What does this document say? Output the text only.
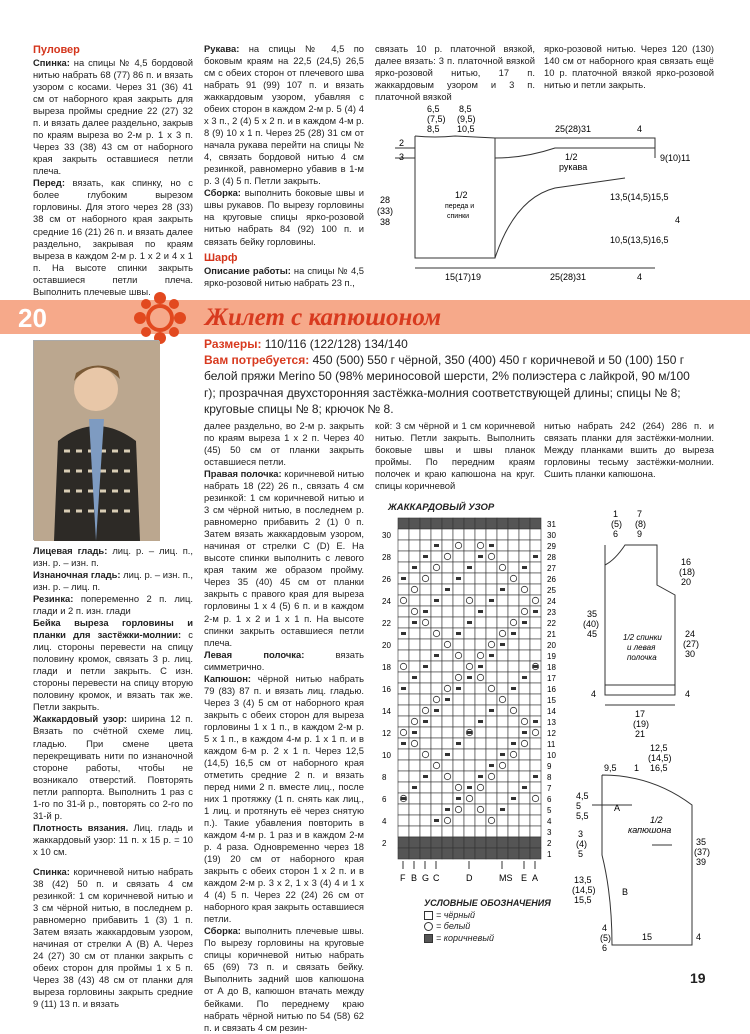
Пуловер

Спинка: на спицы № 4,5 бордовой нитью набрать 68 (77) 86 п. и вязать узором с косами. Через 31 (36) 41 см от наборного края закрыть для выреза проймы средние 22 (27) 32 п. и вязать далее раздельно, закрыв по краям выреза во 2-м р. 1 х 3 п. Через 33 (38) 43 см от наборного края закрыть оставшиеся петли плеча.

Перед: вязать, как спинку, но с более глубоким вырезом горловины. Для этого через 28 (33) 38 см от наборного края закрыть средние 16 (21) 26 п. и вязать далее раздельно, закрывая по краям выреза в каждом 2-м р. 1 х 2 и 4 х 1 п. На высоте спинки закрыть оставшиеся петли плеча. Выполнить плечевые швы.

Рукава: на спицы № 4,5 по боковым краям на 22,5 (24,5) 26,5 см с обеих сторон от плечевого шва набрать 91 (99) 107 п. и вязать жаккардовым узором, убавляя с обеих сторон в каждом 2-м р. 5 (4) 4 х 3 п., 2 (4) 5 х 2 п. и в каждом 4-м р. 8 (9) 10 х 1 п. Через 25 (28) 31 см от начала рукава перейти на спицы № 4, связать бордовой нитью 4 см резинкой, равномерно убавив в 1-м р. 3 (4) 5 п. Петли закрыть.

Сборка: выполнить боковые швы и швы рукавов. По вырезу горловины на круговые спицы ярко-розовой нитью набрать 84 (92) 100 п. и связать бейку горловины.

Шарф

Описание работы: на спицы № 4,5 ярко-розовой нитью набрать 23 п.,

связать 10 р. платочной вязкой, далее вязать: 3 п. платочной вязкой ярко-розовой нитью, 17 п. жаккардовым узором и 3 п. платочной вязкой

ярко-розовой нитью. Через 120 (130) 140 см от наборного края связать ещё 10 р. платочной вязкой ярко-розовой нитью и петли закрыть.

6,5
(7,5)
8,5
8,5
(9,5)
10,5	25(28)31	4
2
3	1/2
рукава
9(10)11
28
(33)
38
1/2
переда и
спинки
13,5(14,5)15,5
10,5(13,5)16,5
4
15(17)19	25(28)31	4
20	Жилет с капюшоном

Размеры: 110/116 (122/128) 134/140

Вам потребуется: 450 (500) 550 г чёрной, 350 (400) 450 г коричневой и 50 (100) 150 г белой пряжи Merino 50 (98% мериносовой шерсти, 2% полиэстера с лайкрой, 90 м/100 г); прозрачная двухсторонняя застёжка-молния соответствующей длины; спицы № 8; круговые спицы № 8; крючок № 8.

Лицевая гладь: лиц. р. – лиц. п., изн. р. – изн. п.

Изнаночная гладь: лиц. р. – изн. п., изн. р. – лиц. п.

Резинка: попеременно 2 п. лиц. глади и 2 п. изн. глади

Бейка выреза горловины и планки для застёжки-молнии: с лиц. стороны перевести на спицу половину кромок, связать 3 р. лиц. глади и петли закрыть. С изн. стороны перевести на спицу вторую половину кромок, и вязать так же. Петли закрыть.

Жаккардовый узор: ширина 12 п. Вязать по счётной схеме лиц. гладью. При смене цвета перекрещивать нити по изнаночной стороне работы, чтобы не возникало отверстий. Повторять петли раппорта. Выполнить 1 раз с 1-го по 31-й р., повторять со 2-го по 31-й р.

Плотность вязания. Лиц. гладь и жаккардовый узор: 11 п. х 15 р. = 10 х 10 см.

Спинка: коричневой нитью набрать 38 (42) 50 п. и связать 4 см резинкой: 1 см коричневой нитью и 3 см чёрной нитью, в последнем р. равномерно прибавить 1 (3) 1 п. Затем вязать жаккардовым узором, начиная от стрелки А (В) А. Через 24 (27) 30 см от планки закрыть с обеих сторон для проймы 1 х 5 п. Через 38 (43) 48 см от планки для выреза горловины закрыть средние 9 (11) 13 п. и вязать

далее раздельно, во 2-м р. закрыть по краям выреза 1 х 2 п. Через 40 (45) 50 см от планки закрыть оставшиеся петли.

Правая полочка: коричневой нитью набрать 18 (22) 26 п., связать 4 см резинкой: 1 см коричневой нитью и 3 см чёрной нитью, в последнем р. равномерно прибавить 2 (1) 0 п. Затем вязать жаккардовым узором, начиная от стрелки С (D) Е. На высоте спинки выполнить с левого края таким же образом пройму. Через 35 (40) 45 см от планки закрыть с правого края для выреза горловины 1 х 4 (5) 6 п. и в каждом 2-м р. 1 х 2 и 1 х 1 п. На высоте спинки закрыть оставшиеся петли плеча.

Левая полочка: вязать симметрично.

Капюшон: чёрной нитью набрать 79 (83) 87 п. и вязать лиц. гладью. Через 3 (4) 5 см от наборного края закрыть с обеих сторон для выреза горловины 1 х 1 п., в каждом 2-м р. 5 х 1 п., в каждом 4-м р. 1 х 1 п. и в каждом 6-м р. 2 х 1 п. Через 12,5 (14,5) 16,5 см от наборного края отметить средние 2 п. и вязать перед ними 2 п. вместе лиц., после них 1 протяжку (1 п. снять как лиц., 1 лиц. и протянуть её через снятую п.). Такие убавления повторить в каждом 4-м р. 1 раз и в каждом 2-м р. 4 раза. Одновременно через 18 (19) 20 см от наборного края закрыть с обеих сторон 1 х 2 п. и в каждом 2-м р. 3 х 2, 1 х 3 (4) 4 и 1 х 4 (4) 5 п. Через 22 (24) 26 см от наборного края закрыть оставшиеся петли.

Сборка: выполнить плечевые швы. По вырезу горловины на круговые спицы коричневой нитью набрать 65 (69) 73 п. и связать бейку. Выполнить задний шов капюшона от А до В, капюшон втачать между бейками. По переднему краю набрать чёрной нитью по 54 (58) 62 п. и связать 4 см резин-

кой: 3 см чёрной и 1 см коричневой нитью. Петли закрыть. Выполнить боковые швы и швы планок проймы. По передним краям полочек и краю капюшона на круг. спицы коричневой

нитью набрать 242 (264) 286 п. и связать планки для застёжки-молнии. Между планками вшить до выреза горловины тесьму застёжки-молнии. Сшить планки капюшона.

ЖАККАРДОВЫЙ УЗОР
31
30
29
28
27
26
25
24
23
22
21
20
19
18
17
16
15
14
13
12
11
10
9
8
7
6
5
4
3
2
1
30
28
26
24
22
20
18
16
14
12
10
8
6
4
2
F B G C	D	MS E A
УСЛОВНЫЕ ОБОЗНАЧЕНИЯ
= чёрный
= белый
= коричневый
1
(5)
6
7
(8)
9
16
(18)
20
35
(40)
45	24
(27)
30
1/2 спинки
и левая
полочка
4	4
17
(19)
21
12,5
(14,5)
16,5
9,5 1
4,5
5
5,5
3
(4)
5
A
1/2
капюшона
35
(37)
39
13,5
(14,5)
15,5
B
4
(5)
6
15	4
19
